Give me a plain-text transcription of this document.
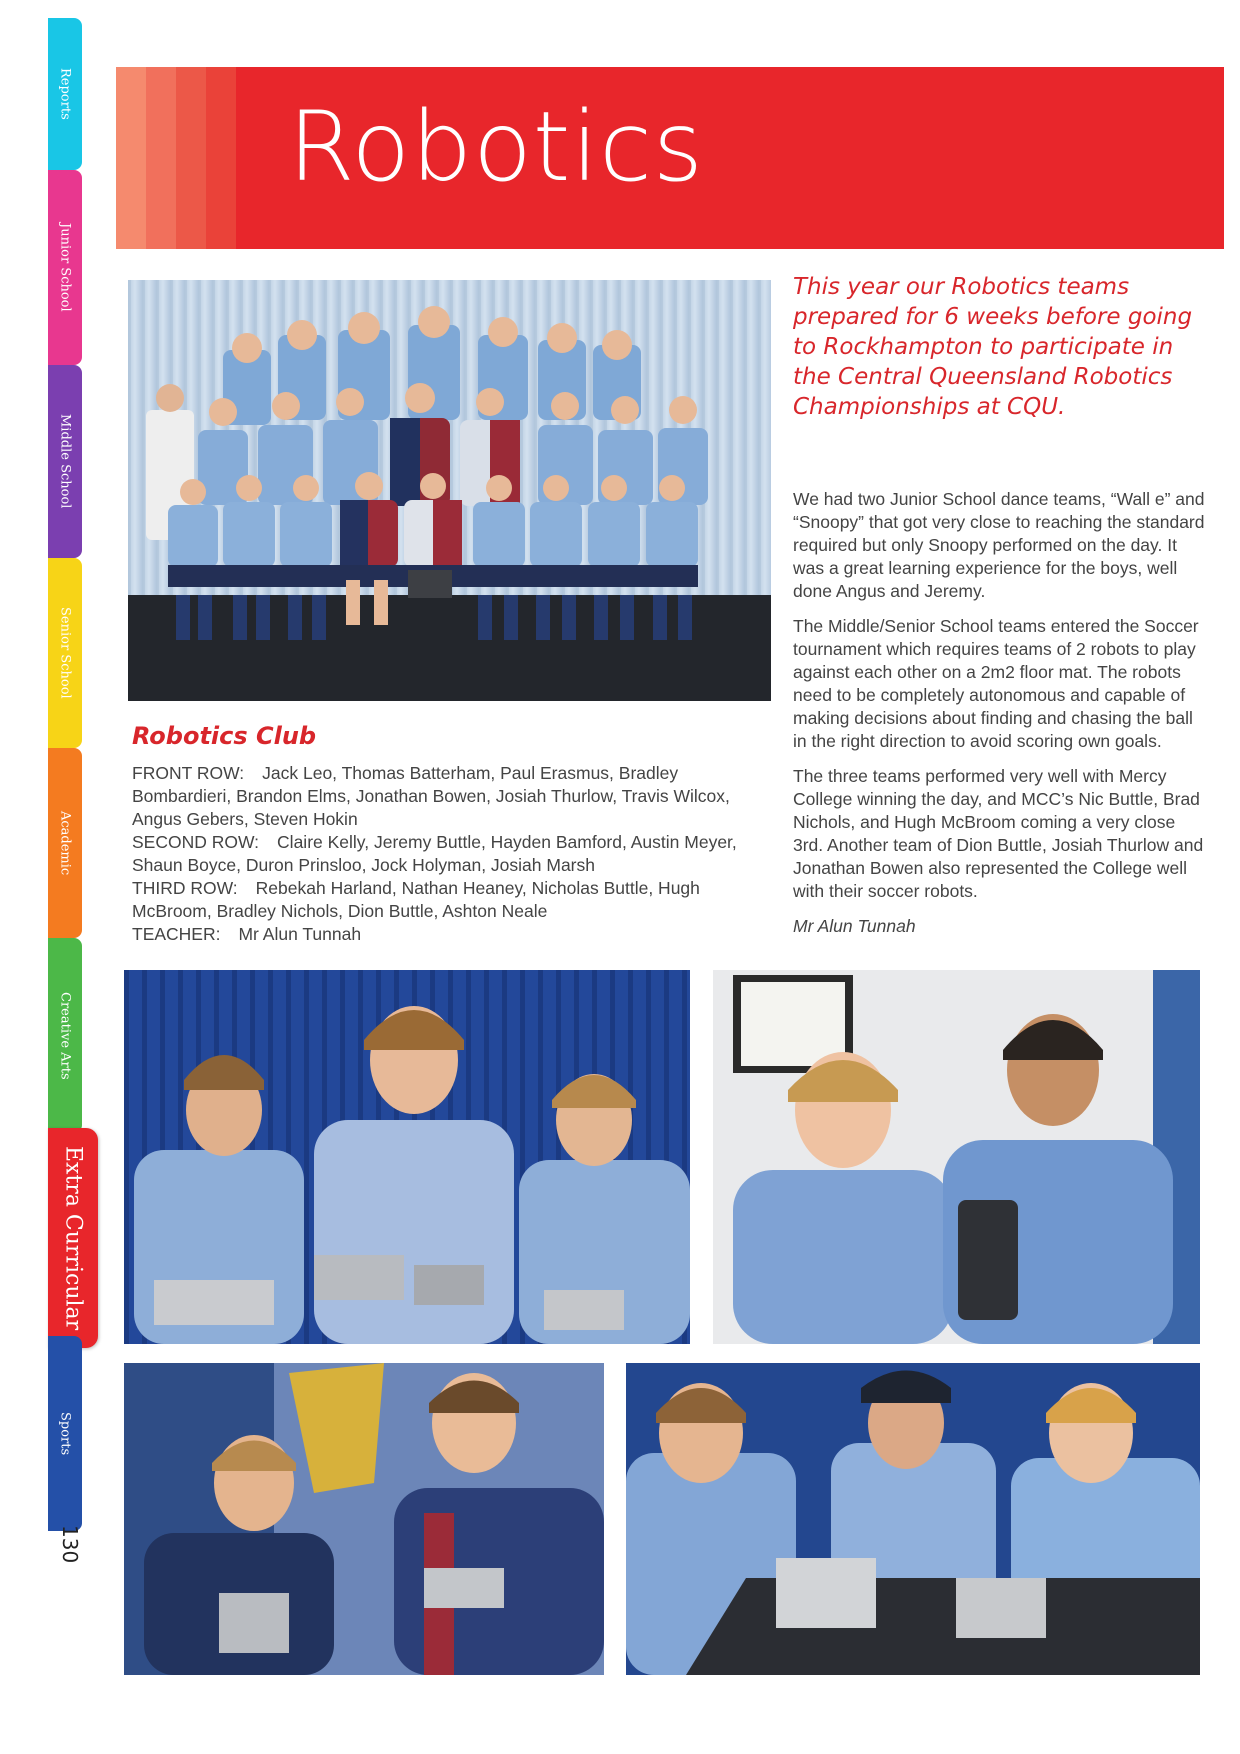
Reports
Junior School
Middle School
Senior School
Academic
Creative Arts
Extra Curricular
Sports
130
Robotics

This year our Robotics teams prepared for 6 weeks before going to Rockhampton to participate in the Central Queensland Robotics Championships at CQU.

We had two Junior School dance teams, “Wall e” and “Snoopy” that got very close to reaching the standard required but only Snoopy performed on the day. It was a great learning experience for the boys, well done Angus and Jeremy.

The Middle/Senior School teams entered the Soccer tournament which requires teams of 2 robots to play against each other on a 2m2 floor mat. The robots need to be completely autonomous and capable of making decisions about finding and chasing the ball in the right direction to avoid scoring own goals.

The three teams performed very well with Mercy College winning the day, and MCC’s Nic Buttle, Brad Nichols, and Hugh McBroom coming a very close 3rd. Another team of Dion Buttle, Josiah Thurlow and Jonathan Bowen also represented the College well with their soccer robots.

Mr Alun Tunnah

Robotics Club
FRONT ROW: Jack Leo, Thomas Batterham, Paul Erasmus, Bradley Bombardieri, Brandon Elms, Jonathan Bowen, Josiah Thurlow, Travis Wilcox, Angus Gebers, Steven Hokin
SECOND ROW: Claire Kelly, Jeremy Buttle, Hayden Bamford, Austin Meyer, Shaun Boyce, Duron Prinsloo, Jock Holyman, Josiah Marsh
THIRD ROW: Rebekah Harland, Nathan Heaney, Nicholas Buttle, Hugh McBroom, Bradley Nichols, Dion Buttle, Ashton Neale
TEACHER: Mr Alun Tunnah
